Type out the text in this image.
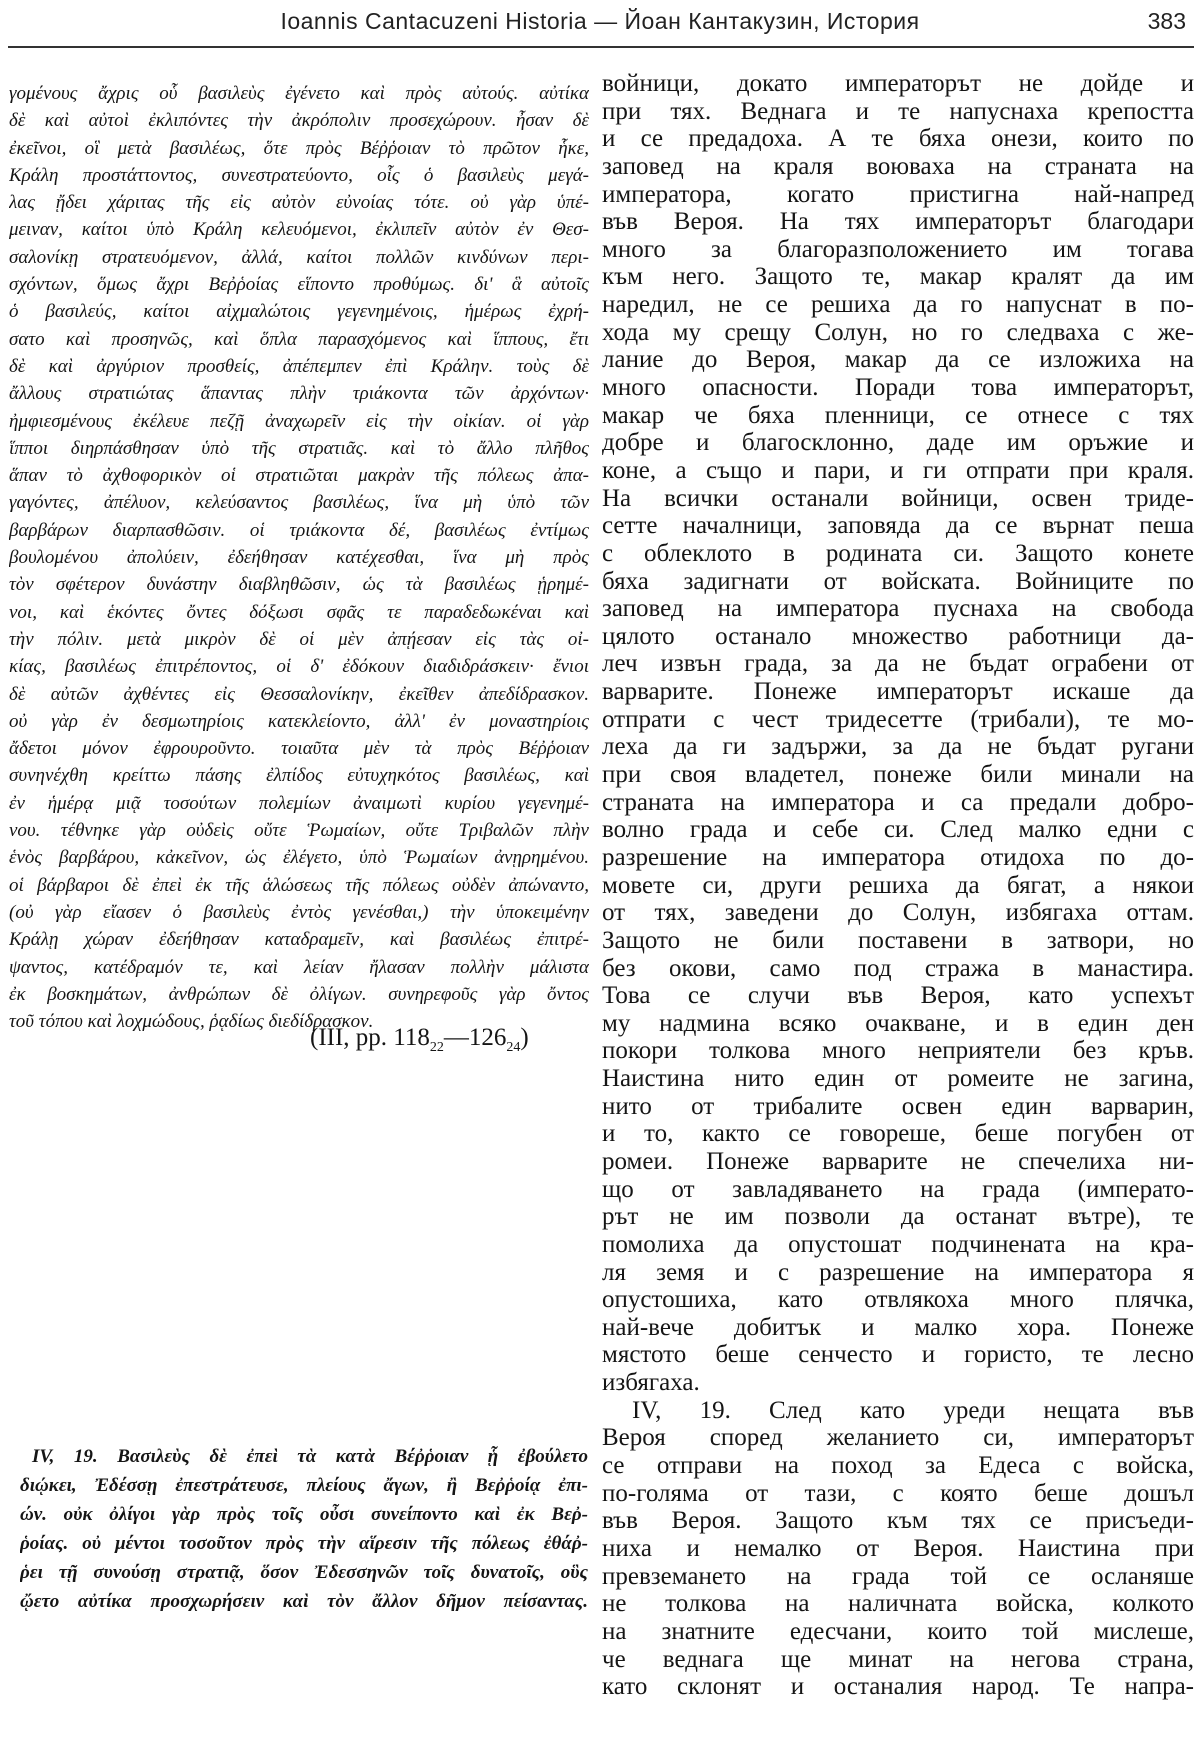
Ioannis Cantacuzeni Historia — Йоан Кантакузин, История	383
γομένους ἄχρις οὗ βασιλεὺς ἐγένετο καὶ πρὸς αὐτούς. αὐτίκα
δὲ καὶ αὐτοὶ ἐκλιπόντες τὴν ἀκρόπολιν προσεχώρουν. ἦσαν δὲ
ἐκεῖνοι, οἳ μετὰ βασιλέως, ὅτε πρὸς Βέῤῥοιαν τὸ πρῶτον ἧκε,
Κράλη προστάττοντος, συνεστρατεύοντο, οἷς ὁ βασιλεὺς μεγά-
λας ᾔδει χάριτας τῆς εἰς αὐτὸν εὐνοίας τότε. οὐ γὰρ ὑπέ-
μειναν, καίτοι ὑπὸ Κράλη κελευόμενοι, ἐκλιπεῖν αὐτὸν ἐν Θεσ-
σαλονίκῃ στρατευόμενον, ἀλλά, καίτοι πολλῶν κινδύνων περι-
σχόντων, ὅμως ἄχρι Βεῤῥοίας εἵποντο προθύμως. δι' ἃ αὐτοῖς
ὁ βασιλεύς, καίτοι αἰχμαλώτοις γεγενημένοις, ἡμέρως ἐχρή-
σατο καὶ προσηνῶς, καὶ ὅπλα παρασχόμενος καὶ ἵππους, ἔτι
δὲ καὶ ἀργύριον προσθείς, ἀπέπεμπεν ἐπὶ Κράλην. τοὺς δὲ
ἄλλους στρατιώτας ἅπαντας πλὴν τριάκοντα τῶν ἀρχόντων·
ἠμφιεσμένους ἐκέλευε πεζῇ ἀναχωρεῖν εἰς τὴν οἰκίαν. οἱ γὰρ
ἵπποι διηρπάσθησαν ὑπὸ τῆς στρατιᾶς. καὶ τὸ ἄλλο πλῆθος
ἅπαν τὸ ἀχθοφορικὸν οἱ στρατιῶται μακρὰν τῆς πόλεως ἀπα-
γαγόντες, ἀπέλυον, κελεύσαντος βασιλέως, ἵνα μὴ ὑπὸ τῶν
βαρβάρων διαρπασθῶσιν. οἱ τριάκοντα δέ, βασιλέως ἐντίμως
βουλομένου ἀπολύειν, ἐδεήθησαν κατέχεσθαι, ἵνα μὴ πρὸς
τὸν σφέτερον δυνάστην διαβληθῶσιν, ὡς τὰ βασιλέως ᾑρημέ-
νοι, καὶ ἑκόντες ὄντες δόξωσι σφᾶς τε παραδεδωκέναι καὶ
τὴν πόλιν. μετὰ μικρὸν δὲ οἱ μὲν ἀπῄεσαν εἰς τὰς οἰ-
κίας, βασιλέως ἐπιτρέποντος, οἱ δ' ἐδόκουν διαδιδράσκειν· ἔνιοι
δὲ αὐτῶν ἀχθέντες εἰς Θεσσαλονίκην, ἐκεῖθεν ἀπεδίδρασκον.
οὐ γὰρ ἐν δεσμωτηρίοις κατεκλείοντο, ἀλλ' ἐν μοναστηρίοις
ἄδετοι μόνον ἐφρουροῦντο. τοιαῦτα μὲν τὰ πρὸς Βέῤῥοιαν
συνηνέχθη κρείττω πάσης ἐλπίδος εὐτυχηκότος βασιλέως, καὶ
ἐν ἡμέρᾳ μιᾷ τοσούτων πολεμίων ἀναιμωτὶ κυρίου γεγενημέ-
νου. τέθνηκε γὰρ οὐδεὶς οὔτε Ῥωμαίων, οὔτε Τριβαλῶν πλὴν
ἑνὸς βαρβάρου, κἀκεῖνον, ὡς ἐλέγετο, ὑπὸ Ῥωμαίων ἀνῃρημένου.
οἱ βάρβαροι δὲ ἐπεὶ ἐκ τῆς ἁλώσεως τῆς πόλεως οὐδὲν ἀπώναντο,
(οὐ γὰρ εἴασεν ὁ βασιλεὺς ἐντὸς γενέσθαι,) τὴν ὑποκειμένην
Κράλῃ χώραν ἐδεήθησαν καταδραμεῖν, καὶ βασιλέως ἐπιτρέ-
ψαντος, κατέδραμόν τε, καὶ λείαν ἤλασαν πολλὴν μάλιστα
ἐκ βοσκημάτων, ἀνθρώπων δὲ ὀλίγων. συνηρεφοῦς γὰρ ὄντος
τοῦ τόπου καὶ λοχμώδους, ῥᾳδίως διεδίδρασκον.
(III, pp. $118_{22}—126_{24}$)
IV, 19. Βασιλεὺς δὲ ἐπεὶ τὰ κατὰ Βέῤῥοιαν ᾗ ἐβούλετο
διῴκει, Ἐδέσσῃ ἐπεστράτευσε, πλείους ἄγων, ἢ Βεῤῥοίᾳ ἐπι-
ών. οὐκ ὀλίγοι γὰρ πρὸς τοῖς οὖσι συνείποντο καὶ ἐκ Βεῤ-
ῥοίας. οὐ μέντοι τοσοῦτον πρὸς τὴν αἵρεσιν τῆς πόλεως ἐθάῤ-
ῥει τῇ συνούσῃ στρατιᾷ, ὅσον Ἐδεσσηνῶν τοῖς δυνατοῖς, οὓς
ᾤετο αὐτίκα προσχωρήσειν καὶ τὸν ἄλλον δῆμον πείσαντας.
войници, докато императорът не дойде и
при тях. Веднага и те напуснаха крепостта
и се предадоха. А те бяха онези, които по
заповед на краля воюваха на страната на
императора, когато пристигна най-напред
във Вероя. На тях императорът благодари
много за благоразположението им тогава
към него. Защото те, макар кралят да им
наредил, не се решиха да го напуснат в по-
хода му срещу Солун, но го следваха с же-
лание до Вероя, макар да се изложиха на
много опасности. Поради това императорът,
макар че бяха пленници, се отнесе с тях
добре и благосклонно, даде им оръжие и
коне, а също и пари, и ги отпрати при краля.
На всички останали войници, освен триде-
сетте началници, заповяда да се върнат пеша
с облеклото в родината си. Защото конете
бяха задигнати от войската. Войниците по
заповед на императора пуснаха на свобода
цялото останало множество работници да-
леч извън града, за да не бъдат ограбени от
варварите. Понеже императорът искаше да
отпрати с чест тридесетте (трибали), те мо-
леха да ги задържи, за да не бъдат ругани
при своя владетел, понеже били минали на
страната на императора и са предали добро-
волно града и себе си. След малко едни с
разрешение на императора отидоха по до-
мовете си, други решиха да бягат, а някои
от тях, заведени до Солун, избягаха оттам.
Защото не били поставени в затвори, но
без окови, само под стража в манастира.
Това се случи във Вероя, като успехът
му надмина всяко очакване, и в един ден
покори толкова много неприятели без кръв.
Наистина нито един от ромеите не загина,
нито от трибалите освен един варварин,
и то, както се говореше, беше погубен от
ромеи. Понеже варварите не спечелиха ни-
що от завладяването на града (императо-
рът не им позволи да останат вътре), те
помолиха да опустошат подчинената на кра-
ля земя и с разрешение на императора я
опустошиха, като отвлякоха много плячка,
най-вече добитък и малко хора. Понеже
мястото беше сенчесто и гористо, те лесно
избягаха.
IV, 19. След като уреди нещата във
Вероя според желанието си, императорът
се отправи на поход за Едеса с войска,
по-голяма от тази, с която беше дошъл
във Вероя. Защото към тях се присъеди-
ниха и немалко от Вероя. Наистина при
превземането на града той се осланяше
не толкова на наличната войска, колкото
на знатните едесчани, които той мислеше,
че веднага ще минат на негова страна,
като склонят и останалия народ. Те напра-
